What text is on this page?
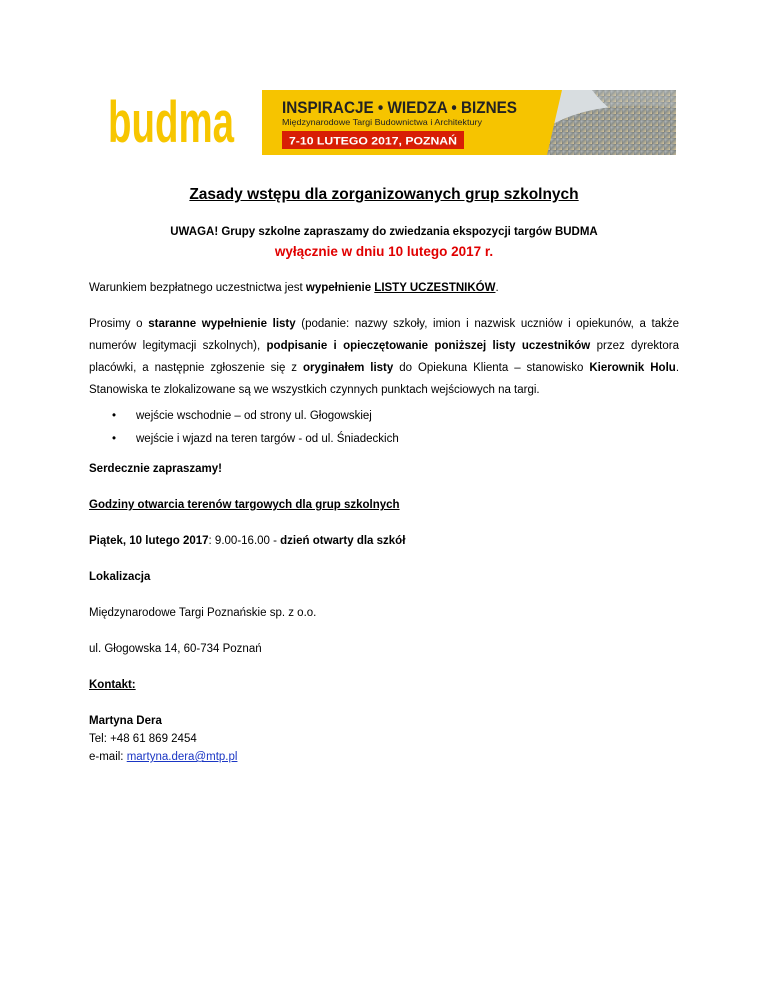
budma	INSPIRACJE • WIEDZA • BIZNES
Międzynarodowe Targi Budownictwa i Architektury
7-10 LUTEGO 2017, POZNAŃ
Zasady wstępu dla zorganizowanych grup szkolnych
UWAGA! Grupy szkolne zapraszamy do zwiedzania ekspozycji targów BUDMA
wyłącznie w dniu 10 lutego 2017 r.
Warunkiem bezpłatnego uczestnictwa jest wypełnienie LISTY UCZESTNIKÓW.
Prosimy o staranne wypełnienie listy (podanie: nazwy szkoły, imion i nazwisk uczniów i opiekunów, a także numerów legitymacji szkolnych), podpisanie i opieczętowanie poniższej listy uczestników przez dyrektora placówki, a następnie zgłoszenie się z oryginałem listy do Opiekuna Klienta – stanowisko Kierownik Holu. Stanowiska te zlokalizowane są we wszystkich czynnych punktach wejściowych na targi.
• wejście wschodnie – od strony ul. Głogowskiej
• wejście i wjazd na teren targów - od ul. Śniadeckich
Serdecznie zapraszamy!
Godziny otwarcia terenów targowych dla grup szkolnych
Piątek, 10 lutego 2017: 9.00-16.00 - dzień otwarty dla szkół
Lokalizacja
Międzynarodowe Targi Poznańskie sp. z o.o.
ul. Głogowska 14, 60-734 Poznań
Kontakt:
Martyna Dera
Tel: +48 61 869 2454
e-mail: martyna.dera@mtp.pl
